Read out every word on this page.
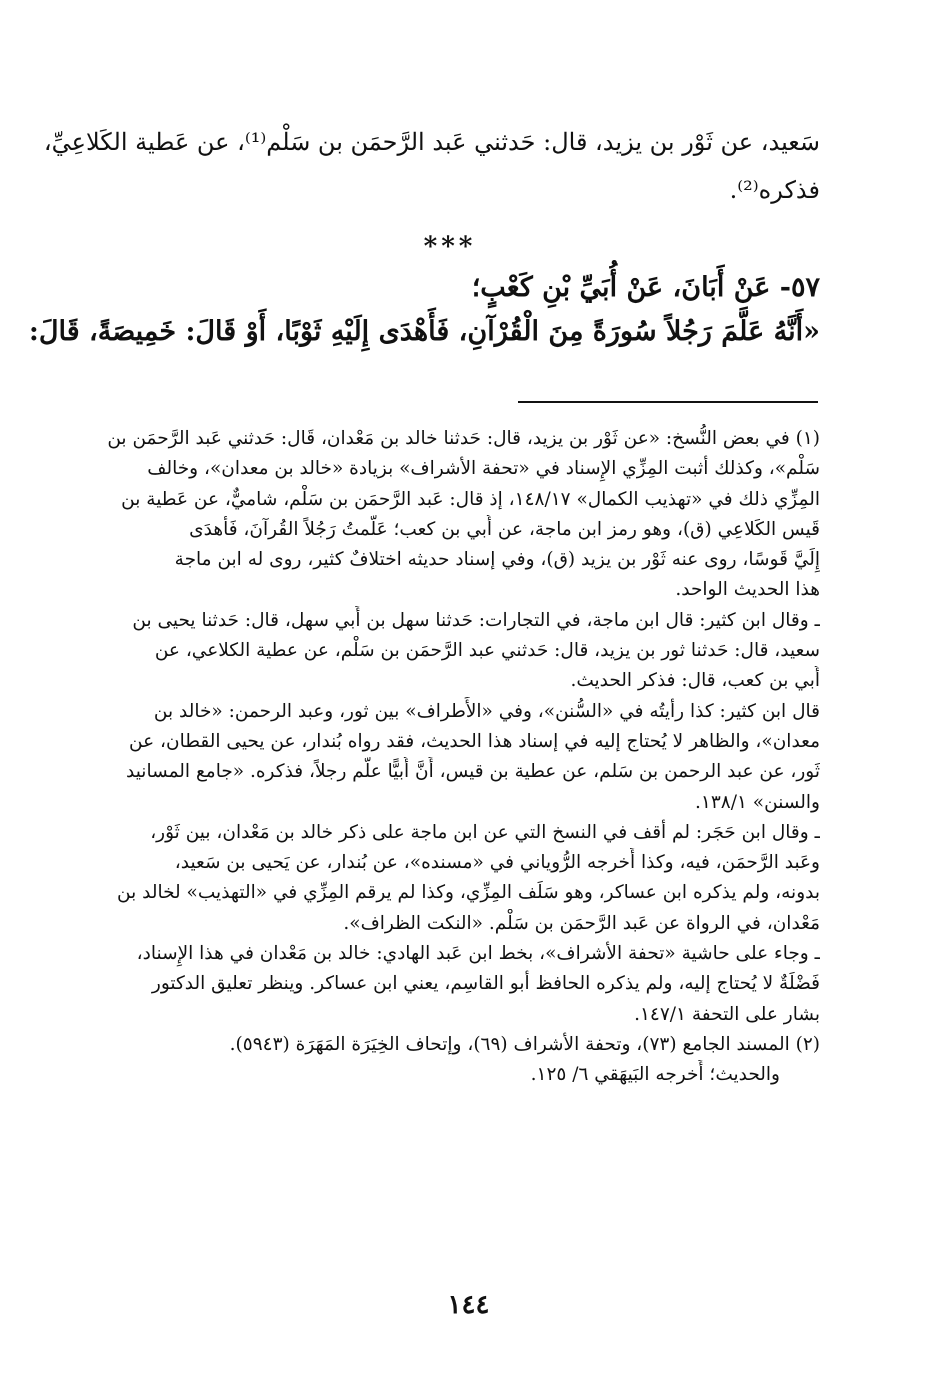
سَعيد، عن ثَوْر بن يزيد، قال: حَدثني عَبد الرَّحمَن بن سَلْم⁽¹⁾، عن عَطية الكَلاعِيِّ،

فذكره⁽²⁾.

***

٥٧- عَنْ أَبَانَ، عَنْ أُبَيِّ بْنِ كَعْبٍ؛

«أَنَّهُ عَلَّمَ رَجُلاً سُورَةً مِنَ الْقُرْآنِ، فَأَهْدَى إِلَيْهِ ثَوْبًا، أَوْ قَالَ: خَمِيصَةً، قَالَ:

(١) في بعض النُّسخ: «عن ثَوْر بن يزيد، قال: حَدثنا خالد بن مَعْدان، قَال: حَدثني عَبد الرَّحمَن بن

سَلْم»، وكذلك أثبت المِزِّي الإِسناد في «تحفة الأشراف» بزيادة «خالد بن معدان»، وخالف

المِزِّي ذلك في «تهذيب الكمال» ١٤٨/١٧، إذ قال: عَبد الرَّحمَن بن سَلْم، شاميٌّ، عن عَطية بن

قَيس الكَلاعِي (ق)، وهو رمز ابن ماجة، عن أُبي بن كعب؛ عَلَّمتُ رَجُلاً القُرآنَ، فَأَهدَى

إِلَيَّ قَوسًا، روى عنه ثَوْر بن يزيد (ق)، وفي إسناد حديثه اختلافٌ كثير، روى له ابن ماجة

هذا الحديث الواحد.

ـ وقال ابن كثير: قال ابن ماجة، في التجارات: حَدثنا سهل بن أَبي سهل، قال: حَدثنا يحيى بن

سعيد، قال: حَدثنا ثور بن يزيد، قال: حَدثني عبد الرَّحمَن بن سَلْم، عن عطية الكلاعي، عن

أُبي بن كعب، قال: فذكر الحديث.

قال ابن كثير: كذا رأيتُه في «السُّنن»، وفي «الأَطراف» بين ثور، وعبد الرحمن: «خالد بن

معدان»، والظاهر لا يُحتاج إليه في إسناد هذا الحديث، فقد رواه بُندار، عن يحيى القطان، عن

ثَور، عن عبد الرحمن بن سَلم، عن عطية بن قيس، أَنَّ أُبيًّا علّم رجلاً، فذكره. «جامع المسانيد

والسنن» ١٣٨/١.

ـ وقال ابن حَجَر: لم أقف في النسخ التي عن ابن ماجة على ذكر خالد بن مَعْدان، بين ثَوْر،

وعَبد الرَّحمَن، فيه، وكذا أَخرجه الرُّوياني في «مسنده»، عن بُندار، عن يَحيى بن سَعيد،

بدونه، ولم يذكره ابن عساكر، وهو سَلَف المِزِّي، وكذا لم يرقم المِزِّي في «التهذيب» لخالد بن

مَعْدان، في الرواة عن عَبد الرَّحمَن بن سَلْم. «النكت الظراف».

ـ وجاء على حاشية «تحفة الأشراف»، بخط ابن عَبد الهادي: خالد بن مَعْدان في هذا الإِسناد،

فَضْلَةٌ لا يُحتاج إليه، ولم يذكره الحافظ أبو القاسِم، يعني ابن عساكر. وينظر تعليق الدكتور

بشار على التحفة ١٤٧/١.

(٢) المسند الجامع (٧٣)، وتحفة الأشراف (٦٩)، وإتحاف الخِيَرَة المَهَرَة (٥٩٤٣).

والحديث؛ أَخرجه البَيهَقي ٦/ ١٢٥.

١٤٤
